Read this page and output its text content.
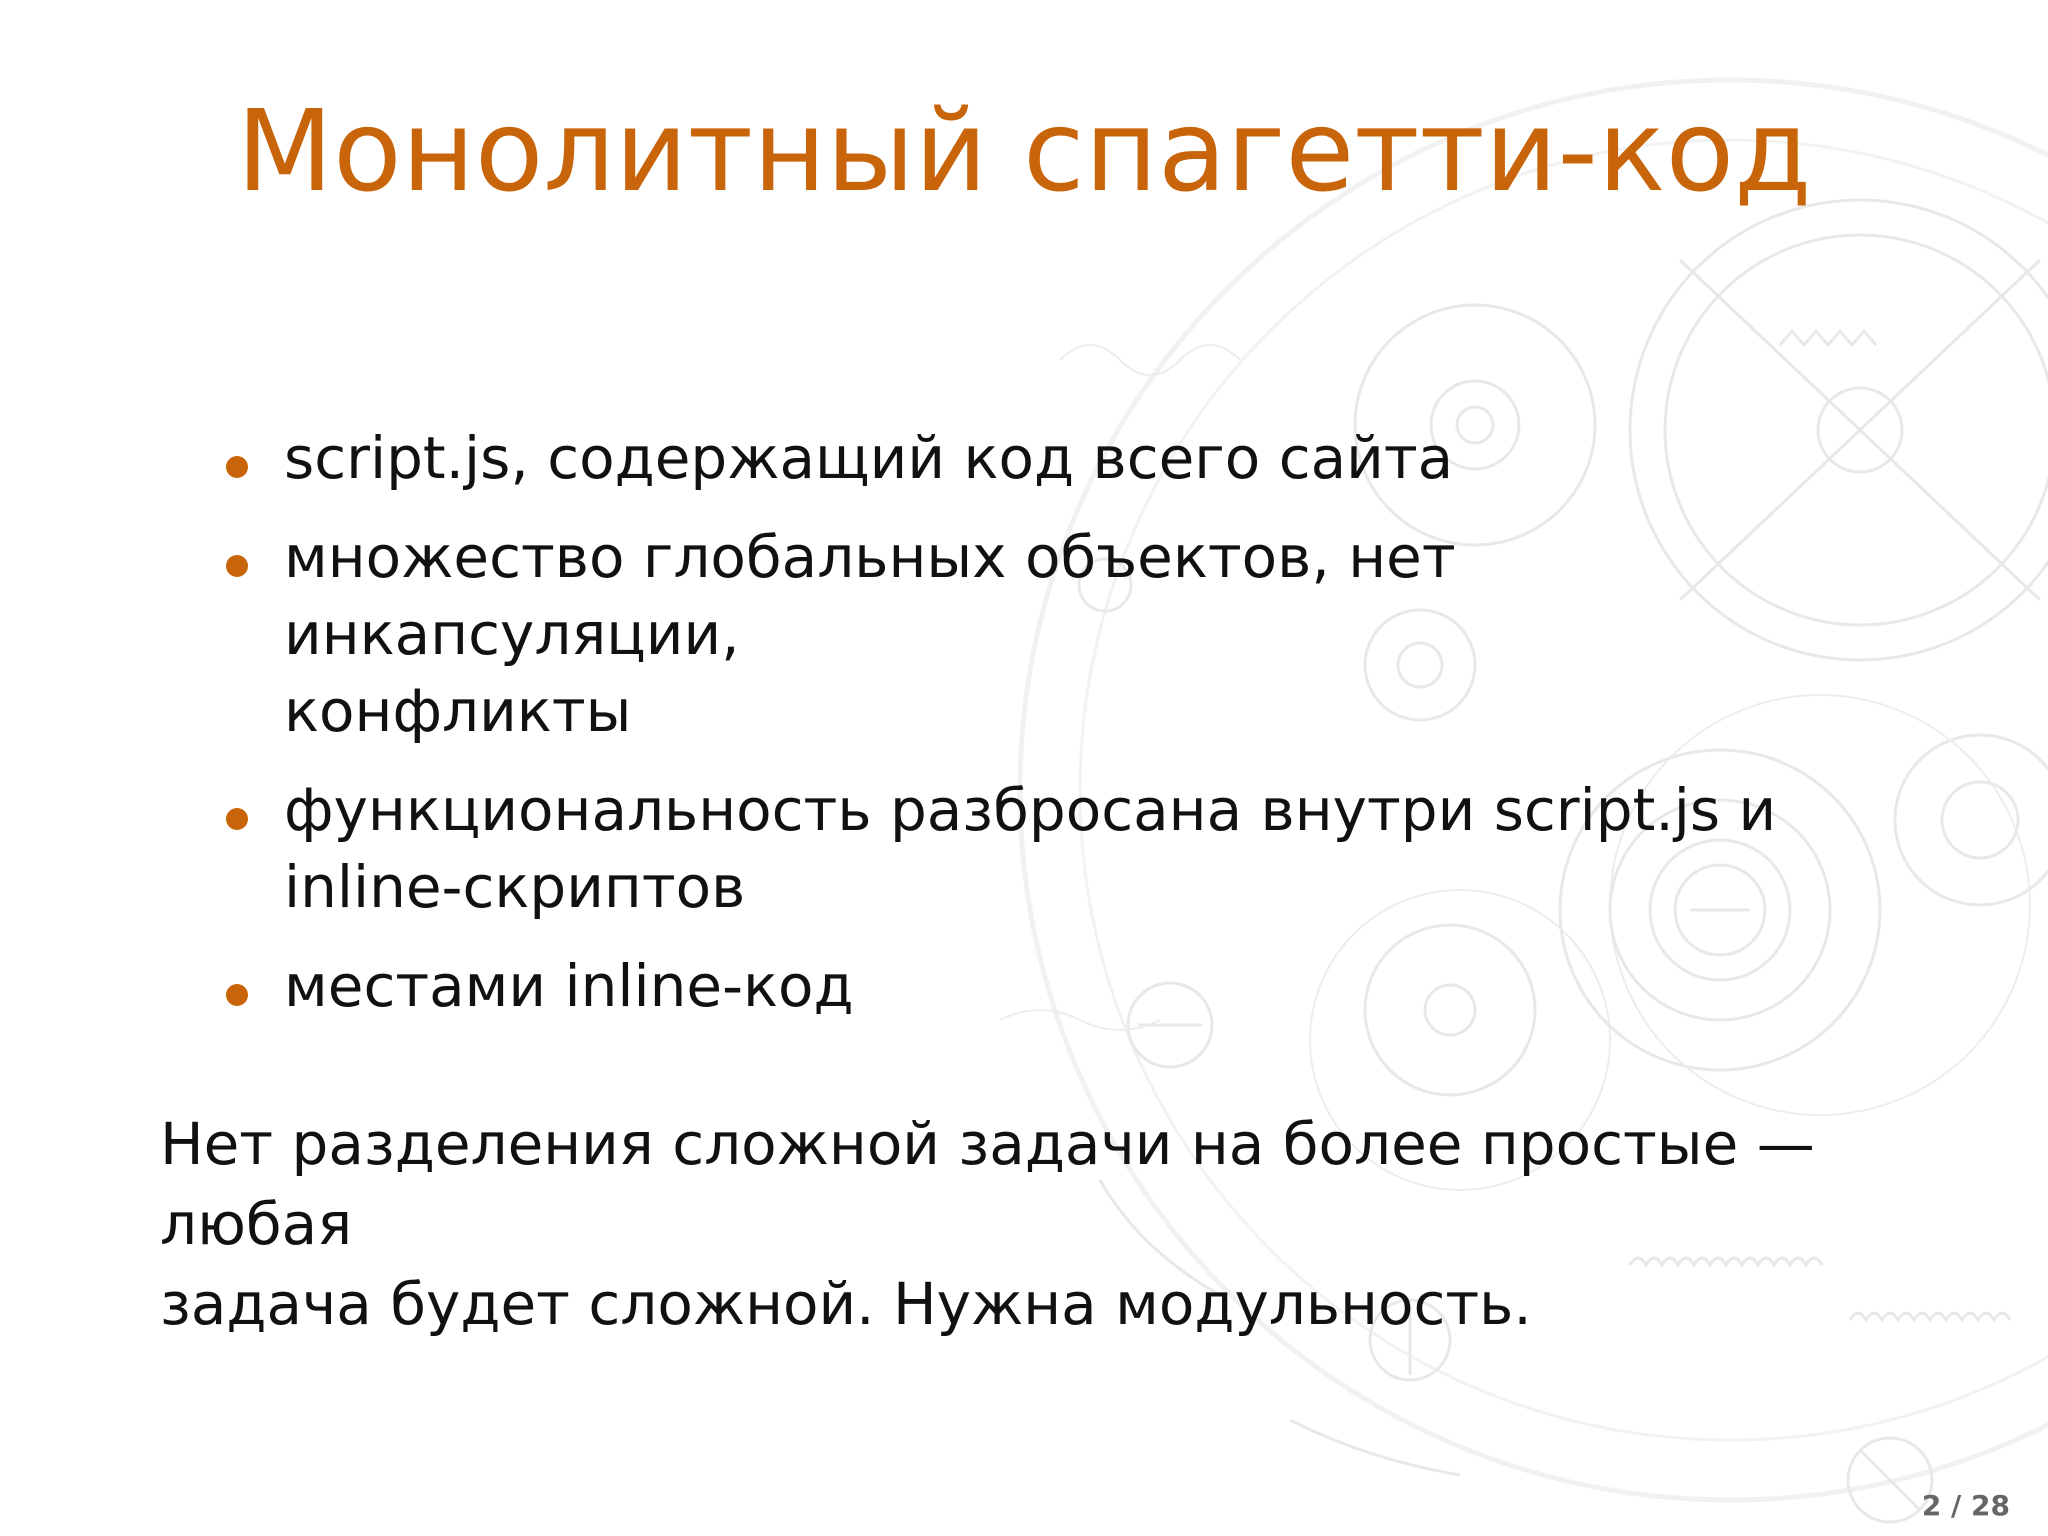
Монолитный спагетти-код
script.js, содержащий код всего сайта
множество глобальных объектов, нет инкапсуляции,
конфликты
функциональность разбросана внутри script.js и
inline-скриптов
местами inline-код
Нет разделения сложной задачи на более простые — любая
задача будет сложной. Нужна модульность.
2 / 28
